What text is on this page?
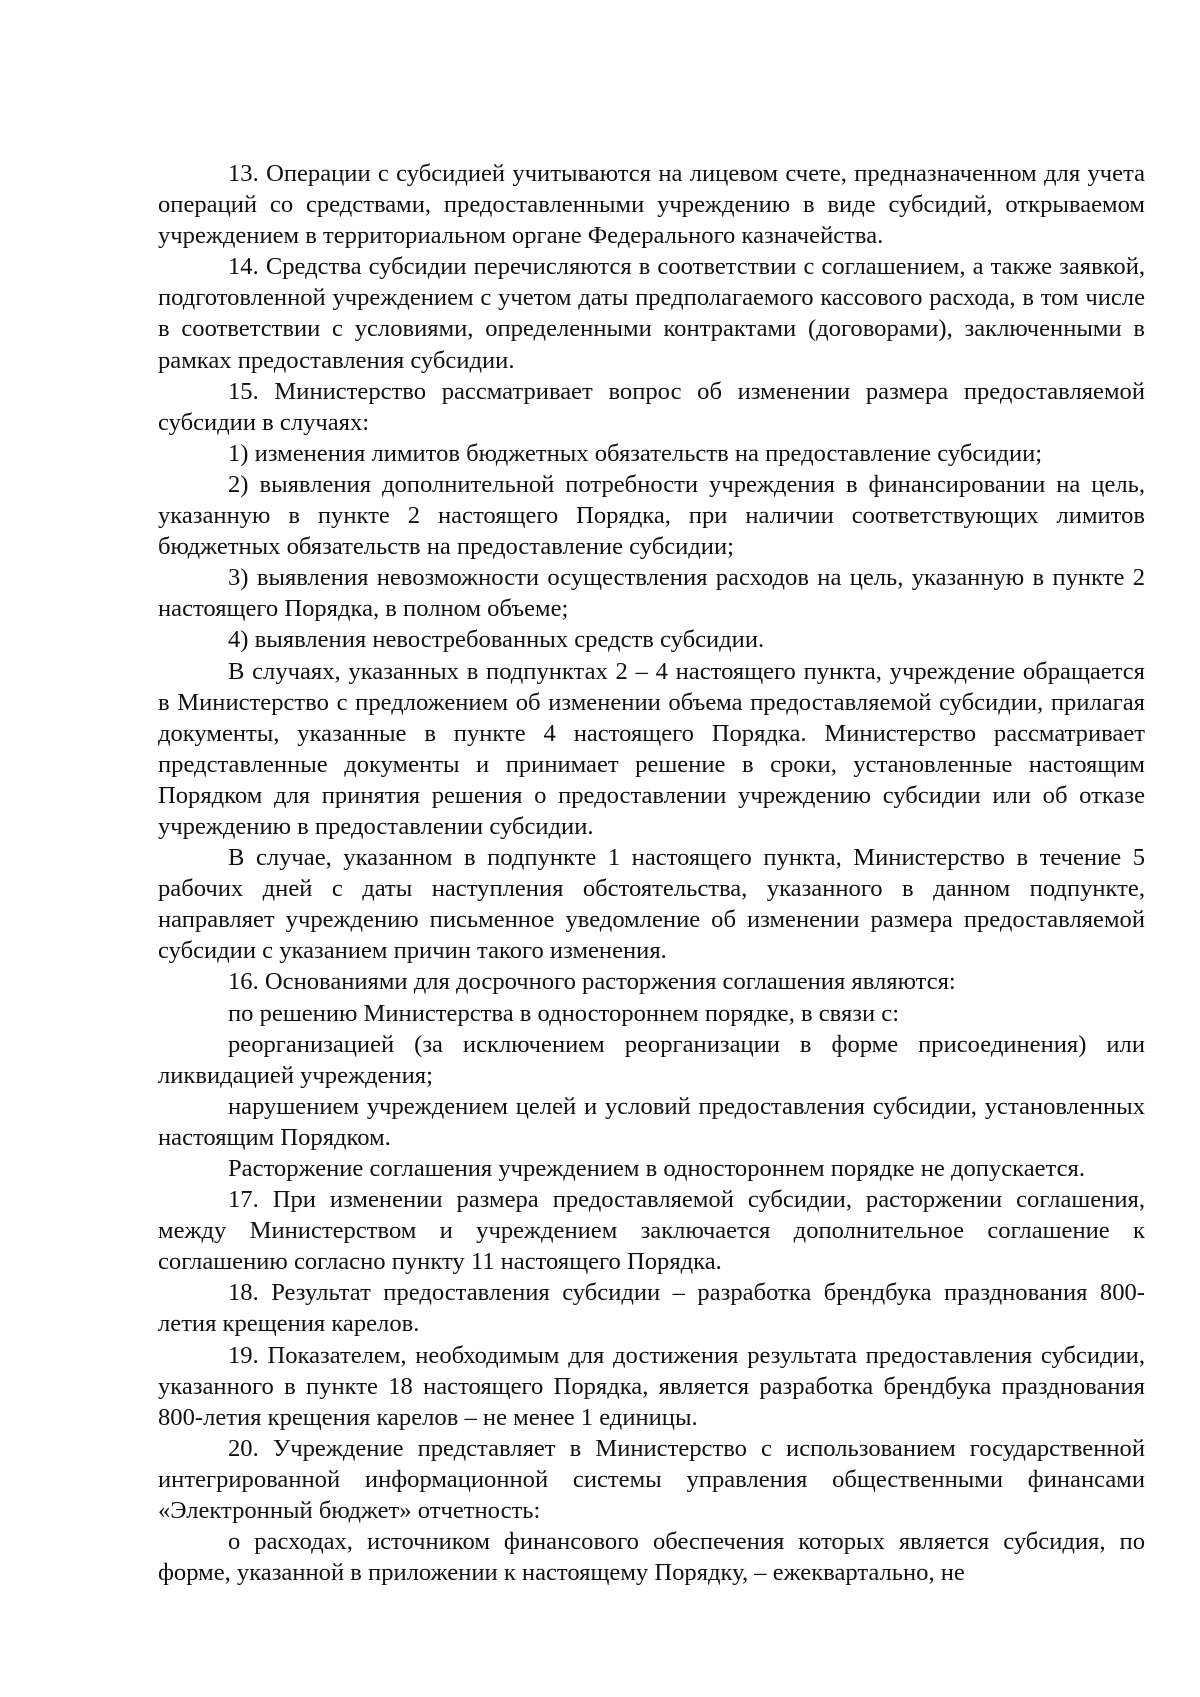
13. Операции с субсидией учитываются на лицевом счете, предназначенном для учета операций со средствами, предоставленными учреждению в виде субсидий, открываемом учреждением в территориальном органе Федерального казначейства.

14. Средства субсидии перечисляются в соответствии с соглашением, а также заявкой, подготовленной учреждением с учетом даты предполагаемого кассового расхода, в том числе в соответствии с условиями, определенными контрактами (договорами), заключенными в рамках предоставления субсидии.

15. Министерство рассматривает вопрос об изменении размера предоставляемой субсидии в случаях:

1) изменения лимитов бюджетных обязательств на предоставление субсидии;

2) выявления дополнительной потребности учреждения в финансировании на цель, указанную в пункте 2 настоящего Порядка, при наличии соответствующих лимитов бюджетных обязательств на предоставление субсидии;

3) выявления невозможности осуществления расходов на цель, указанную в пункте 2 настоящего Порядка, в полном объеме;

4) выявления невостребованных средств субсидии.

В случаях, указанных в подпунктах 2 – 4 настоящего пункта, учреждение обращается в Министерство с предложением об изменении объема предоставляемой субсидии, прилагая документы, указанные в пункте 4 настоящего Порядка. Министерство рассматривает представленные документы и принимает решение в сроки, установленные настоящим Порядком для принятия решения о предоставлении учреждению субсидии или об отказе учреждению в предоставлении субсидии.

В случае, указанном в подпункте 1 настоящего пункта, Министерство в течение 5 рабочих дней с даты наступления обстоятельства, указанного в данном подпункте, направляет учреждению письменное уведомление об изменении размера предоставляемой субсидии с указанием причин такого изменения.

16. Основаниями для досрочного расторжения соглашения являются:

по решению Министерства в одностороннем порядке, в связи с:

реорганизацией (за исключением реорганизации в форме присоединения) или ликвидацией учреждения;

нарушением учреждением целей и условий предоставления субсидии, установленных настоящим Порядком.

Расторжение соглашения учреждением в одностороннем порядке не допускается.

17. При изменении размера предоставляемой субсидии, расторжении соглашения, между Министерством и учреждением заключается дополнительное соглашение к соглашению согласно пункту 11 настоящего Порядка.

18. Результат предоставления субсидии – разработка брендбука празднования 800-летия крещения карелов.

19. Показателем, необходимым для достижения результата предоставления субсидии, указанного в пункте 18 настоящего Порядка, является разработка брендбука празднования 800-летия крещения карелов – не менее 1 единицы.

20. Учреждение представляет в Министерство с использованием государственной интегрированной информационной системы управления общественными финансами «Электронный бюджет» отчетность:

о расходах, источником финансового обеспечения которых является субсидия, по форме, указанной в приложении к настоящему Порядку, – ежеквартально, не
